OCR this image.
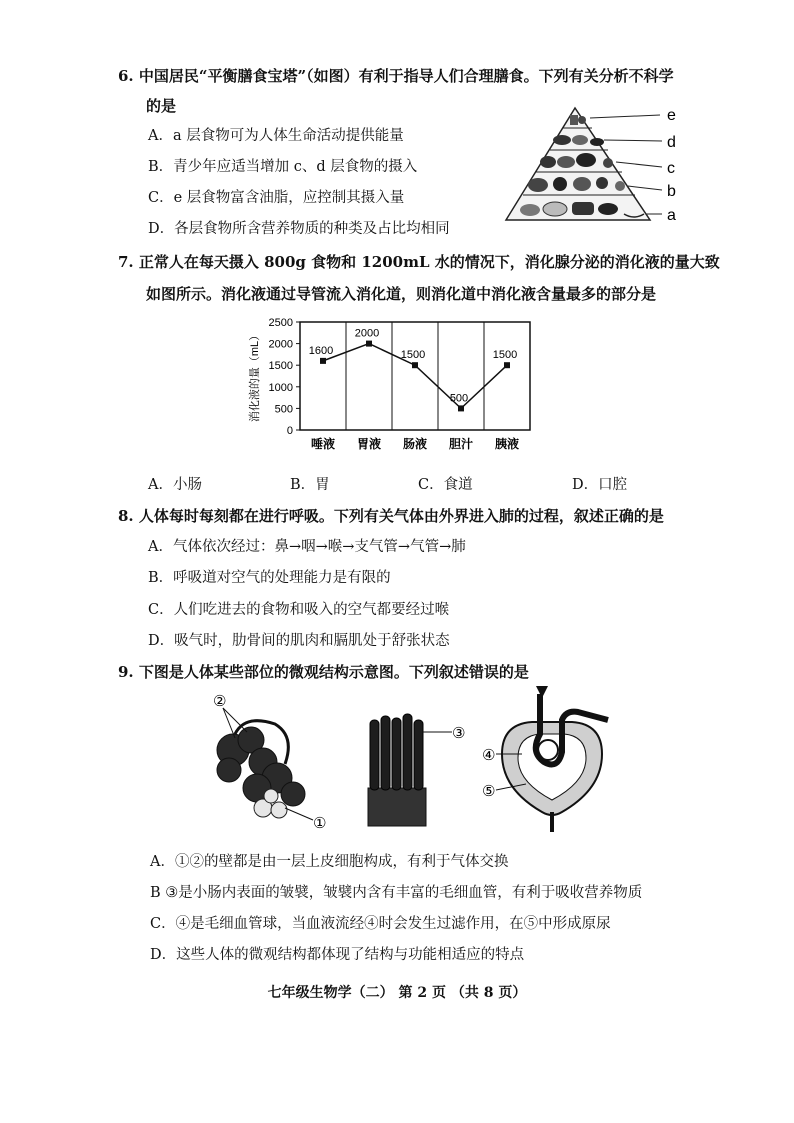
6. 中国居民“平衡膳食宝塔”（如图）有利于指导人们合理膳食。下列有关分析不科学
的是
A．a 层食物可为人体生命活动提供能量
B．青少年应适当增加 c、d 层食物的摄入
C．e 层食物富含油脂，应控制其摄入量
D．各层食物所含营养物质的种类及占比均相同
e
d
c
b
a
7. 正常人在每天摄入 800g 食物和 1200mL 水的情况下，消化腺分泌的消化液的量大致
如图所示。消化液通过导管流入消化道，则消化道中消化液含量最多的部分是
0
500
1000
1500
2000
2500
消化液的量（mL）	1600
唾液
2000
胃液
1500
肠液
500
胆汁
1500
胰液
A．小肠	B．胃	C．食道	D．口腔
8. 人体每时每刻都在进行呼吸。下列有关气体由外界进入肺的过程，叙述正确的是
A．气体依次经过：鼻→咽→喉→支气管→气管→肺
B．呼吸道对空气的处理能力是有限的
C．人们吃进去的食物和吸入的空气都要经过喉
D．吸气时，肋骨间的肌肉和膈肌处于舒张状态
9. 下图是人体某些部位的微观结构示意图。下列叙述错误的是
②
①
③
④
⑤
A．①②的壁都是由一层上皮细胞构成，有利于气体交换
B ③是小肠内表面的皱襞，皱襞内含有丰富的毛细血管，有利于吸收营养物质
C．④是毛细血管球，当血液流经④时会发生过滤作用，在⑤中形成原尿
D．这些人体的微观结构都体现了结构与功能相适应的特点
七年级生物学（二） 第 2 页 （共 8 页）
